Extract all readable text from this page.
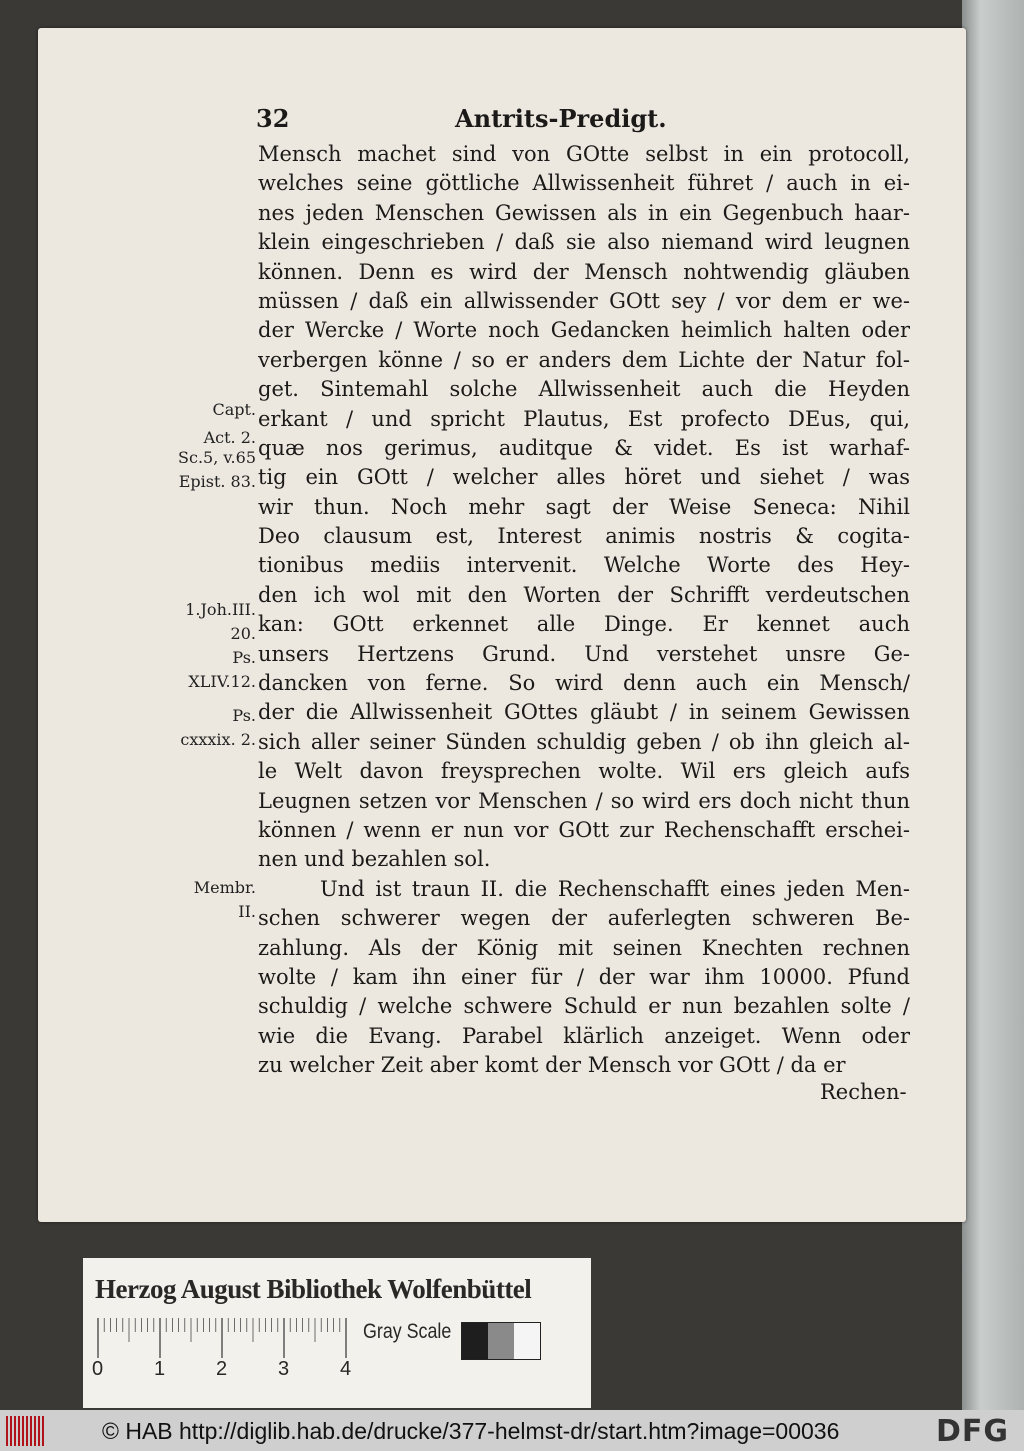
32	Antrits-Predigt.
Mensch machet sind von GOtte selbst in ein protocoll,
welches seine göttliche Allwissenheit führet / auch in ei-
nes jeden Menschen Gewissen als in ein Gegenbuch haar-
klein eingeschrieben / daß sie also niemand wird leugnen
können. Denn es wird der Mensch nohtwendig gläuben
müssen / daß ein allwissender GOtt sey / vor dem er we-
der Wercke / Worte noch Gedancken heimlich halten oder
verbergen könne / so er anders dem Lichte der Natur fol-
get. Sintemahl solche Allwissenheit auch die Heyden
erkant / und spricht Plautus, Est profecto DEus, qui,
quæ nos gerimus, auditque & videt. Es ist warhaf-
tig ein GOtt / welcher alles höret und siehet / was
wir thun. Noch mehr sagt der Weise Seneca: Nihil
Deo clausum est, Interest animis nostris & cogita-
tionibus mediis intervenit. Welche Worte des Hey-
den ich wol mit den Worten der Schrifft verdeutschen
kan: GOtt erkennet alle Dinge. Er kennet auch
unsers Hertzens Grund. Und verstehet unsre Ge-
dancken von ferne. So wird denn auch ein Mensch/
der die Allwissenheit GOttes gläubt / in seinem Gewissen
sich aller seiner Sünden schuldig geben / ob ihn gleich al-
le Welt davon freysprechen wolte. Wil ers gleich aufs
Leugnen setzen vor Menschen / so wird ers doch nicht thun
können / wenn er nun vor GOtt zur Rechenschafft erschei-
nen und bezahlen sol.
Und ist traun II. die Rechenschafft eines jeden Men-
schen schwerer wegen der auferlegten schweren Be-
zahlung. Als der König mit seinen Knechten rechnen
wolte / kam ihn einer für / der war ihm 10000. Pfund
schuldig / welche schwere Schuld er nun bezahlen solte /
wie die Evang. Parabel klärlich anzeiget. Wenn oder
zu welcher Zeit aber komt der Mensch vor GOtt / da er
Rechen-
Capt.
Act. 2.
Sc.5, v.65
Epist. 83.
1.Joh.III.
20.
Ps.
XLIV.12.
Ps.
cxxxix. 2.
Membr.
II.
Herzog August Bibliothek Wolfenbüttel
0	1	2	3	4
Gray Scale
© HAB http://diglib.hab.de/drucke/377-helmst-dr/start.htm?image=00036	DFG
